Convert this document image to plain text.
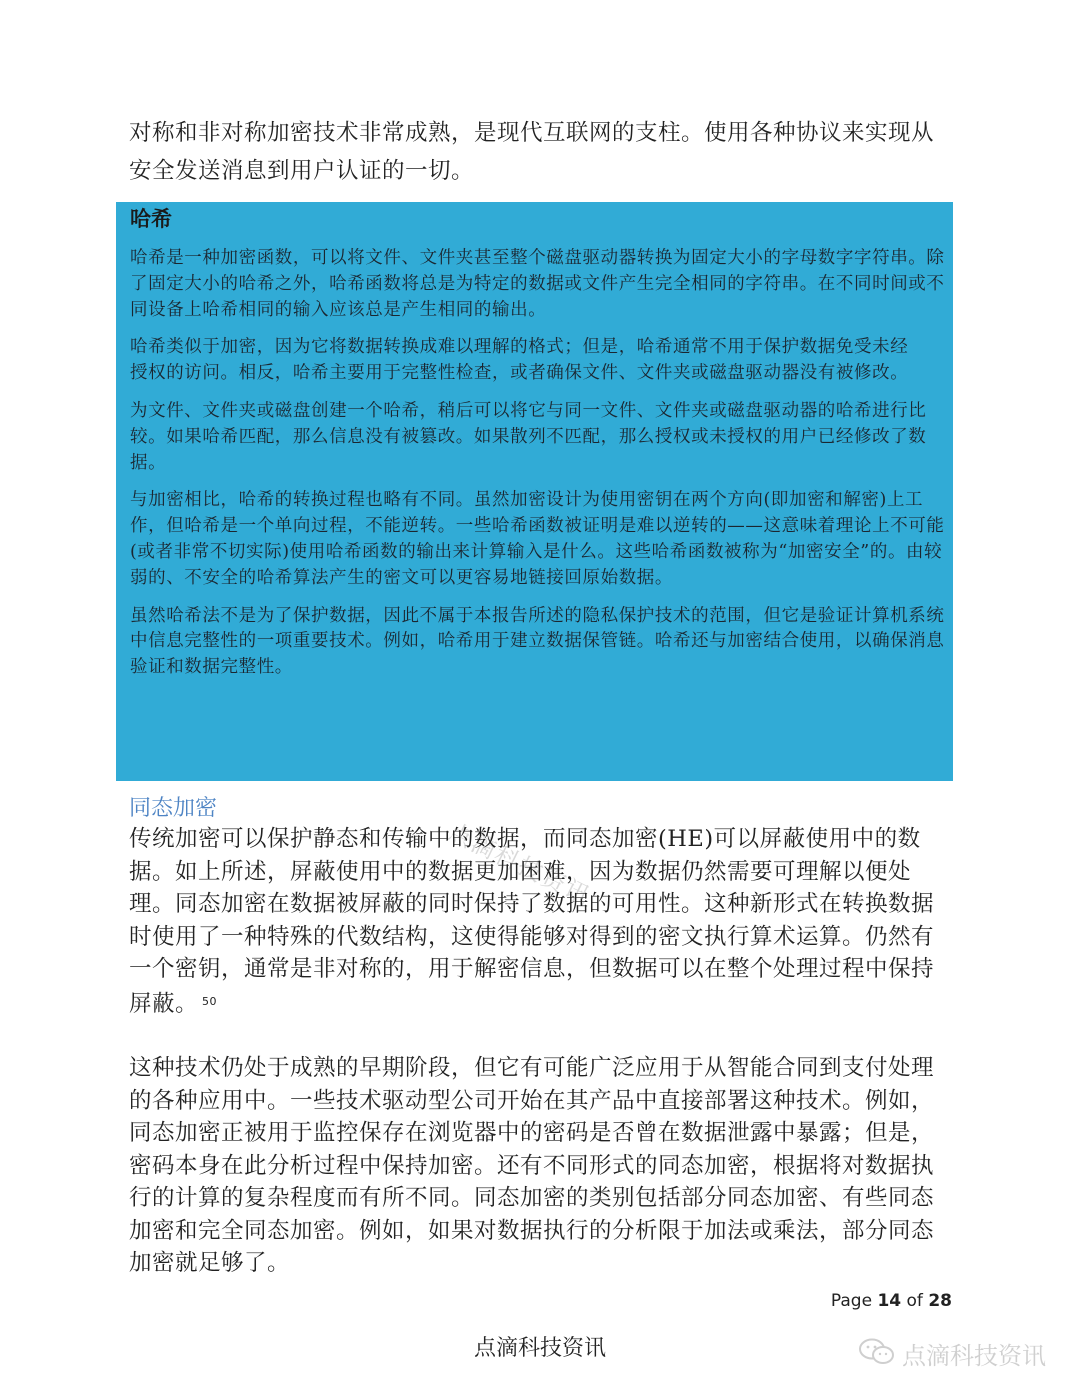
对称和非对称加密技术非常成熟，是现代互联网的支柱。使用各种协议来实现从安全发送消息到用户认证的一切。

哈希

哈希是一种加密函数，可以将文件、文件夹甚至整个磁盘驱动器转换为固定大小的字母数字字符串。除了固定大小的哈希之外，哈希函数将总是为特定的数据或文件产生完全相同的字符串。在不同时间或不同设备上哈希相同的输入应该总是产生相同的输出。

哈希类似于加密，因为它将数据转换成难以理解的格式；但是，哈希通常不用于保护数据免受未经授权的访问。相反，哈希主要用于完整性检查，或者确保文件、文件夹或磁盘驱动器没有被修改。

为文件、文件夹或磁盘创建一个哈希，稍后可以将它与同一文件、文件夹或磁盘驱动器的哈希进行比较。如果哈希匹配，那么信息没有被篡改。如果散列不匹配，那么授权或未授权的用户已经修改了数据。

与加密相比，哈希的转换过程也略有不同。虽然加密设计为使用密钥在两个方向(即加密和解密)上工作，但哈希是一个单向过程，不能逆转。一些哈希函数被证明是难以逆转的——这意味着理论上不可能(或者非常不切实际)使用哈希函数的输出来计算输入是什么。这些哈希函数被称为“加密安全”的。由较弱的、不安全的哈希算法产生的密文可以更容易地链接回原始数据。

虽然哈希法不是为了保护数据，因此不属于本报告所述的隐私保护技术的范围，但它是验证计算机系统中信息完整性的一项重要技术。例如，哈希用于建立数据保管链。哈希还与加密结合使用，以确保消息验证和数据完整性。

同态加密
点滴科技资讯

传统加密可以保护静态和传输中的数据，而同态加密(HE)可以屏蔽使用中的数据。如上所述，屏蔽使用中的数据更加困难，因为数据仍然需要可理解以便处理。同态加密在数据被屏蔽的同时保持了数据的可用性。这种新形式在转换数据时使用了一种特殊的代数结构，这使得能够对得到的密文执行算术运算。仍然有一个密钥，通常是非对称的，用于解密信息，但数据可以在整个处理过程中保持屏蔽。 $^{50}$

这种技术仍处于成熟的早期阶段，但它有可能广泛应用于从智能合同到支付处理的各种应用中。一些技术驱动型公司开始在其产品中直接部署这种技术。例如，同态加密正被用于监控保存在浏览器中的密码是否曾在数据泄露中暴露；但是，密码本身在此分析过程中保持加密。还有不同形式的同态加密，根据将对数据执行的计算的复杂程度而有所不同。同态加密的类别包括部分同态加密、有些同态加密和完全同态加密。例如，如果对数据执行的分析限于加法或乘法，部分同态加密就足够了。

Page 14 of 28
点滴科技资讯	点滴科技资讯
